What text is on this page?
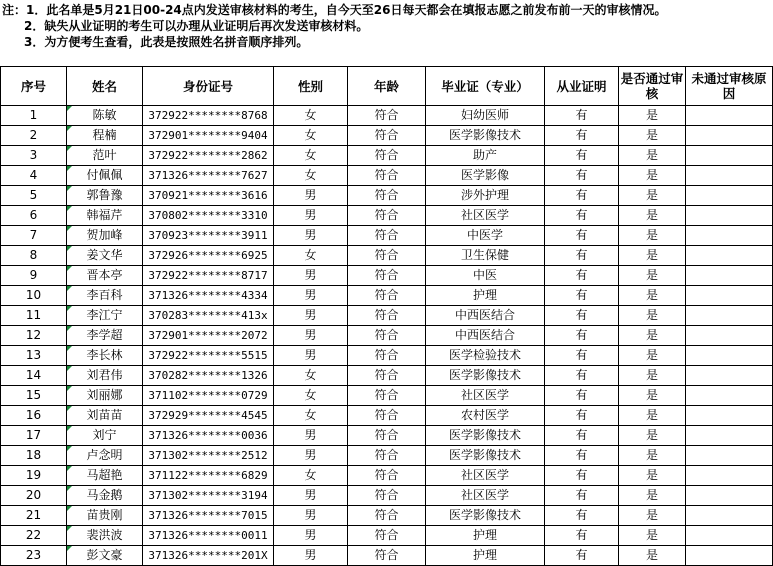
注：1．此名单是5月21日00-24点内发送审核材料的考生，自今天至26日每天都会在填报志愿之前发布前一天的审核情况。
2．缺失从业证明的考生可以办理从业证明后再次发送审核材料。
3．为方便考生查看，此表是按照姓名拼音顺序排列。
序号	姓名	身份证号	性别	年龄	毕业证（专业）	从业证明	是否通过审核	未通过审核原因
1	陈敏	372922********8768	女	符合	妇幼医师	有	是	
2	程楠	372901********9404	女	符合	医学影像技术	有	是	
3	范叶	372922********2862	女	符合	助产	有	是	
4	付佩佩	371326********7627	女	符合	医学影像	有	是	
5	郭鲁豫	370921********3616	男	符合	涉外护理	有	是	
6	韩福芹	370802********3310	男	符合	社区医学	有	是	
7	贺加峰	370923********3911	男	符合	中医学	有	是	
8	姜文华	372926********6925	女	符合	卫生保健	有	是	
9	晋本亭	372922********8717	男	符合	中医	有	是	
10	李百科	371326********4334	男	符合	护理	有	是	
11	李江宁	370283********413x	男	符合	中西医结合	有	是	
12	李学超	372901********2072	男	符合	中西医结合	有	是	
13	李长林	372922********5515	男	符合	医学检验技术	有	是	
14	刘君伟	370282********1326	女	符合	医学影像技术	有	是	
15	刘丽娜	371102********0729	女	符合	社区医学	有	是	
16	刘苗苗	372929********4545	女	符合	农村医学	有	是	
17	刘宁	371326********0036	男	符合	医学影像技术	有	是	
18	卢念明	371302********2512	男	符合	医学影像技术	有	是	
19	马超艳	371122********6829	女	符合	社区医学	有	是	
20	马金鹅	371302********3194	男	符合	社区医学	有	是	
21	苗贵刚	371326********7015	男	符合	医学影像技术	有	是	
22	裴洪波	371326********0011	男	符合	护理	有	是	
23	彭文豪	371326********201X	男	符合	护理	有	是	
